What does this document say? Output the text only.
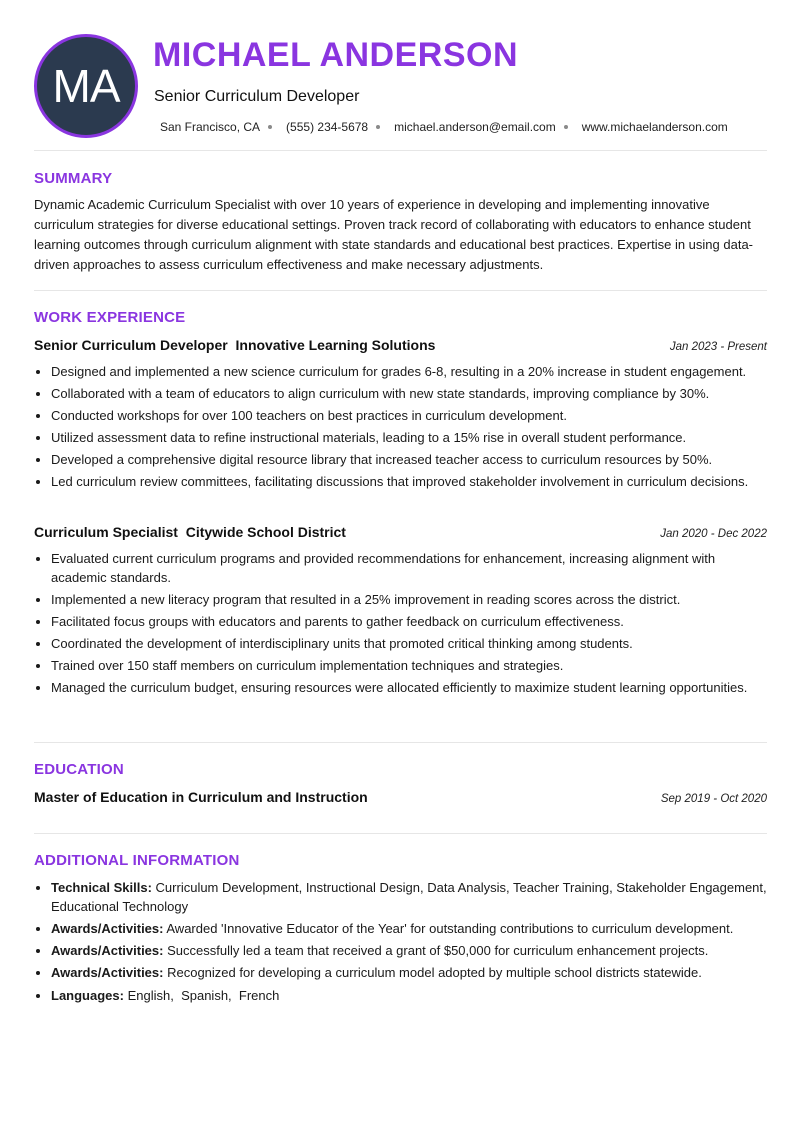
MA
MICHAEL ANDERSON
Senior Curriculum Developer
San Francisco, CA (555) 234-5678 michael.anderson@email.com www.michaelanderson.com
SUMMARY
Dynamic Academic Curriculum Specialist with over 10 years of experience in developing and implementing innovative curriculum strategies for diverse educational settings. Proven track record of collaborating with educators to enhance student learning outcomes through curriculum alignment with state standards and educational best practices. Expertise in using data-driven approaches to assess curriculum effectiveness and make necessary adjustments.
WORK EXPERIENCE
Senior Curriculum Developer Innovative Learning Solutions	Jan 2023 - Present
Designed and implemented a new science curriculum for grades 6-8, resulting in a 20% increase in student engagement.
Collaborated with a team of educators to align curriculum with new state standards, improving compliance by 30%.
Conducted workshops for over 100 teachers on best practices in curriculum development.
Utilized assessment data to refine instructional materials, leading to a 15% rise in overall student performance.
Developed a comprehensive digital resource library that increased teacher access to curriculum resources by 50%.
Led curriculum review committees, facilitating discussions that improved stakeholder involvement in curriculum decisions.
Curriculum Specialist Citywide School District	Jan 2020 - Dec 2022
Evaluated current curriculum programs and provided recommendations for enhancement, increasing alignment with academic standards.
Implemented a new literacy program that resulted in a 25% improvement in reading scores across the district.
Facilitated focus groups with educators and parents to gather feedback on curriculum effectiveness.
Coordinated the development of interdisciplinary units that promoted critical thinking among students.
Trained over 150 staff members on curriculum implementation techniques and strategies.
Managed the curriculum budget, ensuring resources were allocated efficiently to maximize student learning opportunities.
EDUCATION
Master of Education in Curriculum and Instruction	Sep 2019 - Oct 2020
ADDITIONAL INFORMATION
Technical Skills: Curriculum Development, Instructional Design, Data Analysis, Teacher Training, Stakeholder Engagement, Educational Technology
Awards/Activities: Awarded 'Innovative Educator of the Year' for outstanding contributions to curriculum development.
Awards/Activities: Successfully led a team that received a grant of $50,000 for curriculum enhancement projects.
Awards/Activities: Recognized for developing a curriculum model adopted by multiple school districts statewide.
Languages: English,  Spanish,  French
